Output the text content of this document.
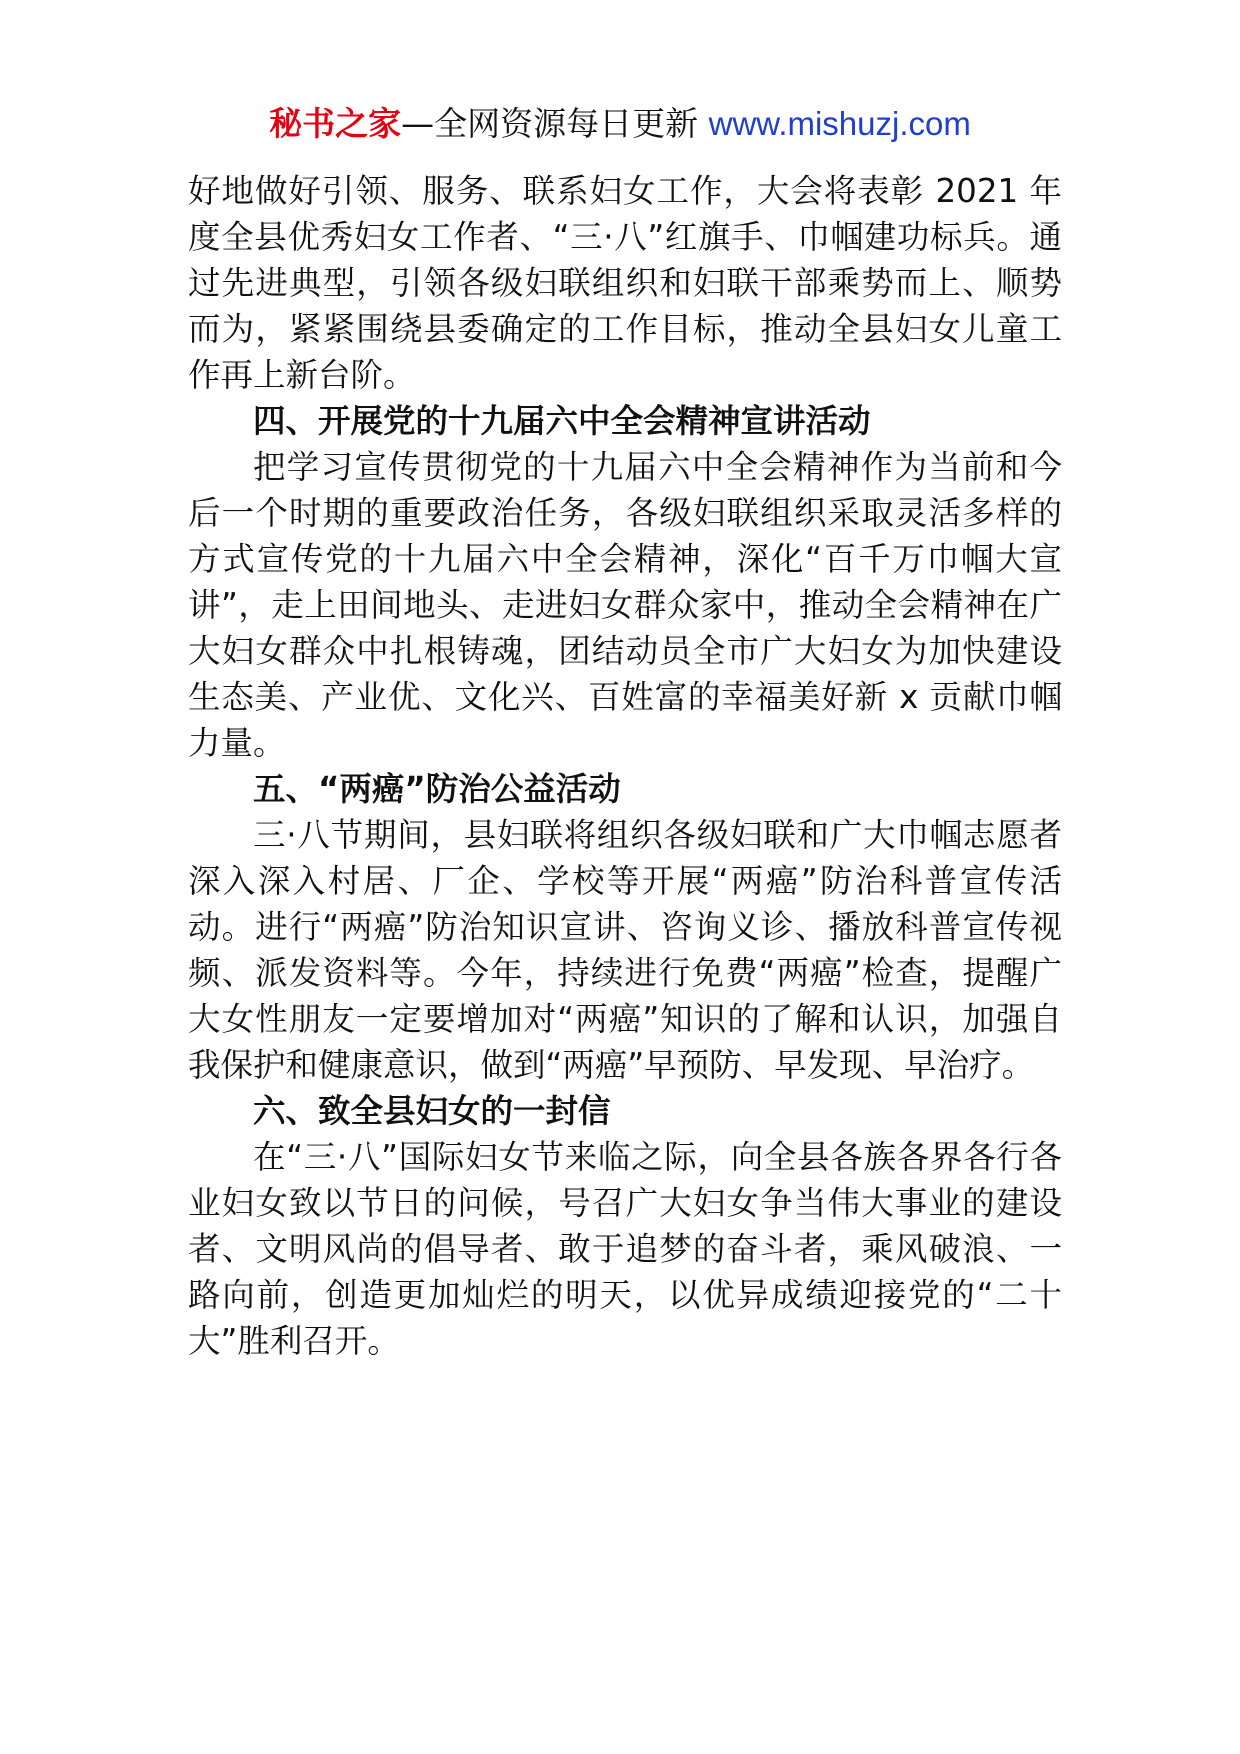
秘书之家—全网资源每日更新 www.mishuzj.com

好地做好引领、服务、联系妇女工作，大会将表彰 2021 年度全县优秀妇女工作者、“三·八”红旗手、巾帼建功标兵。通过先进典型，引领各级妇联组织和妇联干部乘势而上、顺势而为，紧紧围绕县委确定的工作目标，推动全县妇女儿童工作再上新台阶。

四、开展党的十九届六中全会精神宣讲活动

把学习宣传贯彻党的十九届六中全会精神作为当前和今后一个时期的重要政治任务，各级妇联组织采取灵活多样的方式宣传党的十九届六中全会精神，深化“百千万巾帼大宣讲”，走上田间地头、走进妇女群众家中，推动全会精神在广大妇女群众中扎根铸魂，团结动员全市广大妇女为加快建设生态美、产业优、文化兴、百姓富的幸福美好新 x 贡献巾帼力量。

五、“两癌”防治公益活动

三·八节期间，县妇联将组织各级妇联和广大巾帼志愿者深入深入村居、厂企、学校等开展“两癌”防治科普宣传活动。进行“两癌”防治知识宣讲、咨询义诊、播放科普宣传视频、派发资料等。今年，持续进行免费“两癌”检查，提醒广大女性朋友一定要增加对“两癌”知识的了解和认识，加强自我保护和健康意识，做到“两癌”早预防、早发现、早治疗。

六、致全县妇女的一封信

在“三·八”国际妇女节来临之际，向全县各族各界各行各业妇女致以节日的问候，号召广大妇女争当伟大事业的建设者、文明风尚的倡导者、敢于追梦的奋斗者，乘风破浪、一路向前，创造更加灿烂的明天，以优异成绩迎接党的“二十大”胜利召开。
